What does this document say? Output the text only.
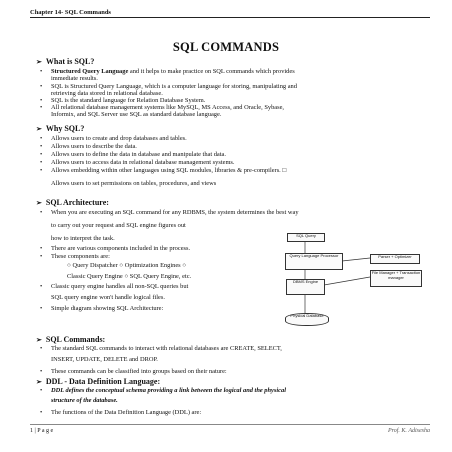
Chapter 14- SQL Commands
SQL COMMANDS
➢ What is SQL?
• Structured Query Language and it helps to make practice on SQL commands which provides
immediate results.
• SQL is Structured Query Language, which is a computer language for storing, manipulating and
retrieving data stored in relational database.
• SQL is the standard language for Relation Database System.
• All relational database management systems like MySQL, MS Access, and Oracle, Sybase,
Informix, and SQL Server use SQL as standard database language.
➢ Why SQL?
• Allows users to create and drop databases and tables.
• Allows users to describe the data.
• Allows users to define the data in database and manipulate that data.
• Allows users to access data in relational database management systems.
• Allows embedding within other languages using SQL modules, libraries & pre-compilers. □
Allows users to set permissions on tables, procedures, and views
➢ SQL Architecture:
• When you are executing an SQL command for any RDBMS, the system determines the best way
to carry out your request and SQL engine figures out
how to interpret the task.
• There are various components included in the process.
• These components are:
○ Query Dispatcher ○ Optimization Engines ○
Classic Query Engine ○ SQL Query Engine, etc.
• Classic query engine handles all non-SQL queries but
SQL query engine won't handle logical files.
• Simple diagram showing SQL Architecture:
SQL Query
Query Language Processor	Parser + Optimizer
DBMS Engine
File Manager + Transaction manager
Physical Database
➢ SQL Commands:
• The standard SQL commands to interact with relational databases are CREATE, SELECT,
INSERT, UPDATE, DELETE and DROP.
• These commands can be classified into groups based on their nature:
➢ DDL - Data Definition Language:
• DDL defines the conceptual schema providing a link between the logical and the physical
structure of the database.
• The functions of the Data Definition Language (DDL) are:
1 | P a g e	Prof. K. Adisesha
